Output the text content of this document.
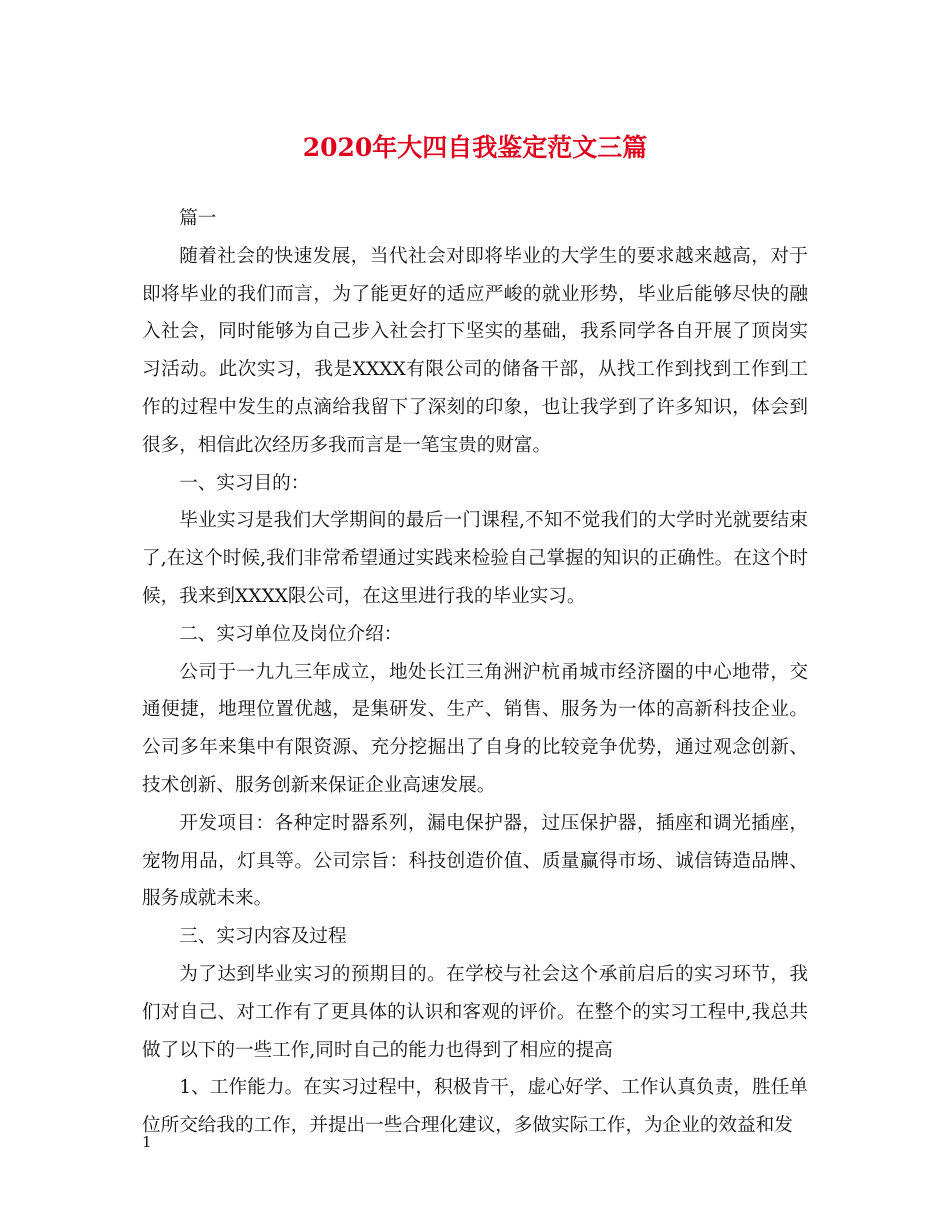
2020年大四自我鉴定范文三篇

篇一

随着社会的快速发展，当代社会对即将毕业的大学生的要求越来越高，对于即将毕业的我们而言，为了能更好的适应严峻的就业形势，毕业后能够尽快的融入社会，同时能够为自己步入社会打下坚实的基础，我系同学各自开展了顶岗实习活动。此次实习，我是XXXX有限公司的储备干部，从找工作到找到工作到工作的过程中发生的点滴给我留下了深刻的印象，也让我学到了许多知识，体会到很多，相信此次经历多我而言是一笔宝贵的财富。

一、实习目的：

毕业实习是我们大学期间的最后一门课程,不知不觉我们的大学时光就要结束了,在这个时候,我们非常希望通过实践来检验自己掌握的知识的正确性。在这个时候，我来到XXXX限公司，在这里进行我的毕业实习。

二、实习单位及岗位介绍：

公司于一九九三年成立，地处长江三角洲沪杭甬城市经济圈的中心地带，交通便捷，地理位置优越，是集研发、生产、销售、服务为一体的高新科技企业。公司多年来集中有限资源、充分挖掘出了自身的比较竞争优势，通过观念创新、技术创新、服务创新来保证企业高速发展。

开发项目：各种定时器系列，漏电保护器，过压保护器，插座和调光插座，宠物用品，灯具等。公司宗旨：科技创造价值、质量赢得市场、诚信铸造品牌、服务成就未来。

三、实习内容及过程

为了达到毕业实习的预期目的。在学校与社会这个承前启后的实习环节，我们对自己、对工作有了更具体的认识和客观的评价。在整个的实习工程中,我总共做了以下的一些工作,同时自己的能力也得到了相应的提高

1、工作能力。在实习过程中，积极肯干，虚心好学、工作认真负责，胜任单位所交给我的工作，并提出一些合理化建议，多做实际工作，为企业的效益和发

1
